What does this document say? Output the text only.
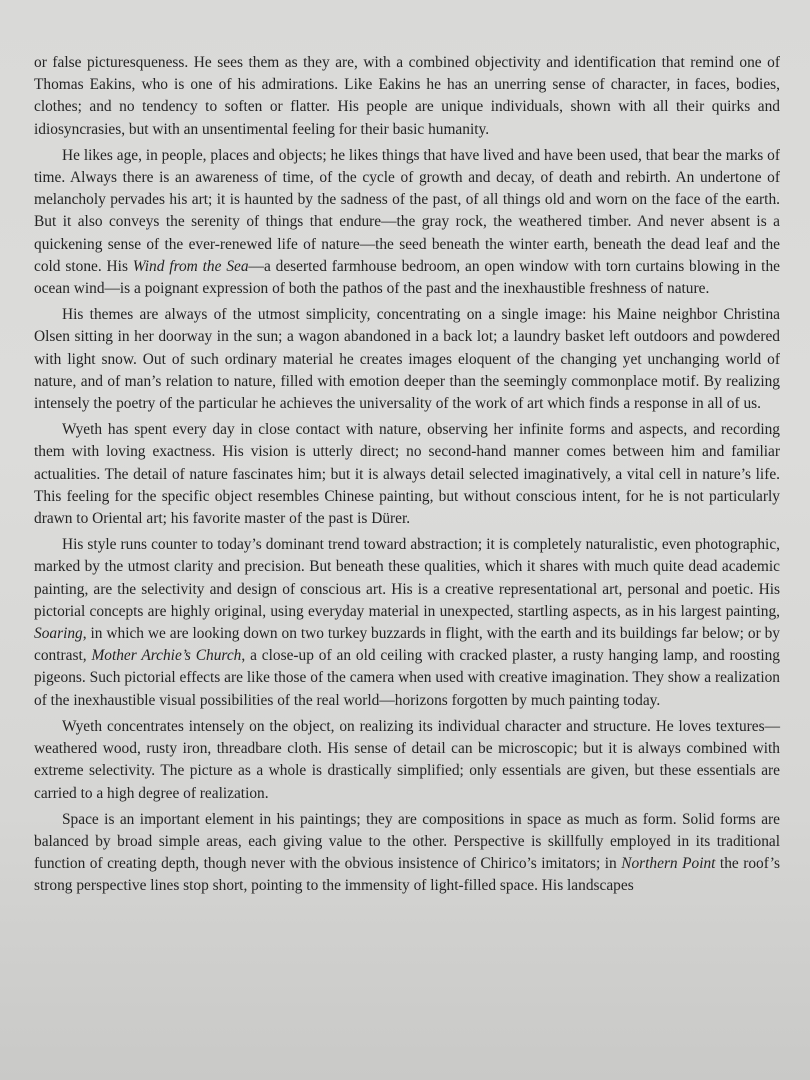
or false picturesqueness. He sees them as they are, with a combined objectivity and identification that remind one of Thomas Eakins, who is one of his admirations. Like Eakins he has an unerring sense of character, in faces, bodies, clothes; and no tendency to soften or flatter. His people are unique individuals, shown with all their quirks and idiosyncrasies, but with an unsentimental feeling for their basic humanity.

He likes age, in people, places and objects; he likes things that have lived and have been used, that bear the marks of time. Always there is an awareness of time, of the cycle of growth and decay, of death and rebirth. An undertone of melancholy pervades his art; it is haunted by the sadness of the past, of all things old and worn on the face of the earth. But it also conveys the serenity of things that endure—the gray rock, the weathered timber. And never absent is a quickening sense of the ever-renewed life of nature—the seed beneath the winter earth, beneath the dead leaf and the cold stone. His Wind from the Sea—a deserted farmhouse bedroom, an open window with torn curtains blowing in the ocean wind—is a poignant expression of both the pathos of the past and the inexhaustible freshness of nature.

His themes are always of the utmost simplicity, concentrating on a single image: his Maine neighbor Christina Olsen sitting in her doorway in the sun; a wagon abandoned in a back lot; a laundry basket left outdoors and powdered with light snow. Out of such ordinary material he creates images eloquent of the changing yet unchanging world of nature, and of man’s relation to nature, filled with emotion deeper than the seemingly commonplace motif. By realizing intensely the poetry of the particular he achieves the universality of the work of art which finds a response in all of us.

Wyeth has spent every day in close contact with nature, observing her infinite forms and aspects, and recording them with loving exactness. His vision is utterly direct; no second-hand manner comes between him and familiar actualities. The detail of nature fascinates him; but it is always detail selected imaginatively, a vital cell in nature’s life. This feeling for the specific object resembles Chinese painting, but without conscious intent, for he is not particularly drawn to Oriental art; his favorite master of the past is Dürer.

His style runs counter to today’s dominant trend toward abstraction; it is completely naturalistic, even photographic, marked by the utmost clarity and precision. But beneath these qualities, which it shares with much quite dead academic painting, are the selectivity and design of conscious art. His is a creative representational art, personal and poetic. His pictorial concepts are highly original, using everyday material in unexpected, startling aspects, as in his largest painting, Soaring, in which we are looking down on two turkey buzzards in flight, with the earth and its buildings far below; or by contrast, Mother Archie’s Church, a close-up of an old ceiling with cracked plaster, a rusty hanging lamp, and roosting pigeons. Such pictorial effects are like those of the camera when used with creative imagination. They show a realization of the inexhaustible visual possibilities of the real world—horizons forgotten by much painting today.

Wyeth concentrates intensely on the object, on realizing its individual character and structure. He loves textures—weathered wood, rusty iron, threadbare cloth. His sense of detail can be microscopic; but it is always combined with extreme selectivity. The picture as a whole is drastically simplified; only essentials are given, but these essentials are carried to a high degree of realization.

Space is an important element in his paintings; they are compositions in space as much as form. Solid forms are balanced by broad simple areas, each giving value to the other. Perspective is skillfully employed in its traditional function of creating depth, though never with the obvious insistence of Chirico’s imitators; in Northern Point the roof’s strong perspective lines stop short, pointing to the immensity of light-filled space. His landscapes
